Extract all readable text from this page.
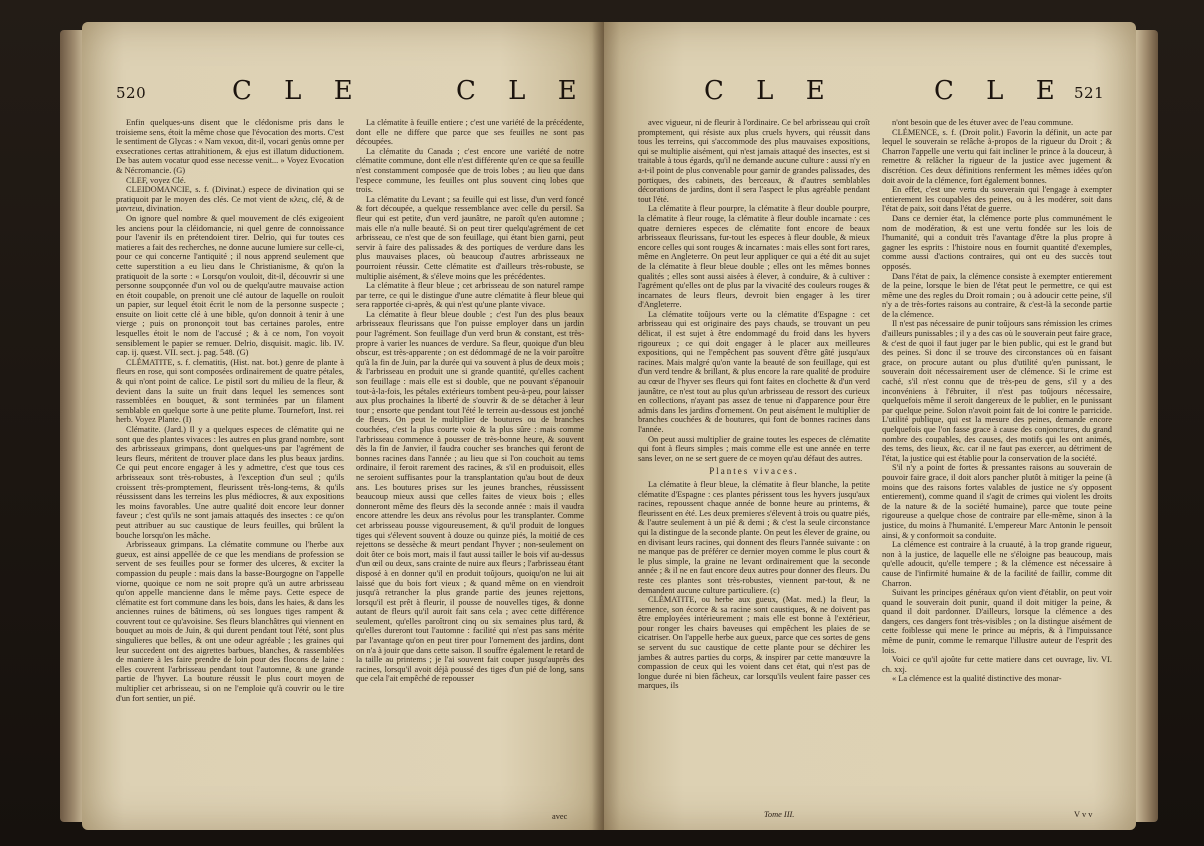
520	C L E	C L E

Enfin quelques-uns disent que le clédonisme pris dans le troisieme sens, étoit la même chose que l'évocation des morts. C'est le sentiment de Glycas : « Nam νεκυα, dit-il, vocari genùs omne per exsecrationes certas attrahitionem, & ejus est illatum diductionem. De bas autem vocatur quod esse necesse venit... » Voyez Evocation & Nécromancie. (G)

CLEF, voyez Clé.

CLEIDOMANCIE, s. f. (Divinat.) espece de divination qui se pratiquoit par le moyen des clés. Ce mot vient de κλεις, clé, & de μαντεια, divination.

On ignore quel nombre & quel mouvement de clés exigeoient les anciens pour la cléidomancie, ni quel genre de connoissance pour l'avenir ils en prétendoient tirer. Delrio, qui fur toutes ces matieres a fait des recherches, ne donne aucune lumiere sur celle-ci, pour ce qui concerne l'antiquité ; il nous apprend seulement que cette superstition a eu lieu dans le Christianisme, & qu'on la pratiquoit de la sorte : « Lorsqu'on vouloit, dit-il, découvrir si une personne soupçonnée d'un vol ou de quelqu'autre mauvaise action en étoit coupable, on prenoit une clé autour de laquelle on rouloit un papier, sur lequel étoit écrit le nom de la personne suspecte ; ensuite on lioit cette clé à une bible, qu'on donnoit à tenir à une vierge ; puis on prononçoit tout bas certaines paroles, entre lesquelles étoit le nom de l'accusé ; & à ce nom, l'on voyoit sensiblement le papier se remuer. Delrio, disquisit. magic. lib. IV. cap. ij. quæst. VII. sect. j. pag. 548. (G)

CLÉMATITE, s. f. clematitis, (Hist. nat. bot.) genre de plante à fleurs en rose, qui sont composées ordinairement de quatre pétales, & qui n'ont point de calice. Le pistil sort du milieu de la fleur, & devient dans la suite un fruit dans lequel les semences sont rassemblées en bouquet, & sont terminées par un filament semblable en quelque sorte à une petite plume. Tournefort, Inst. rei herb. Voyez Plante. (I)

Clématite. (Jard.) Il y a quelques especes de clématite qui ne sont que des plantes vivaces : les autres en plus grand nombre, sont des arbrisseaux grimpans, dont quelques-uns par l'agrément de leurs fleurs, méritent de trouver place dans les plus beaux jardins. Ce qui peut encore engager à les y admettre, c'est que tous ces arbrisseaux sont très-robustes, à l'exception d'un seul ; qu'ils croissent très-promptement, fleurissent très-long-tems, & qu'ils réussissent dans les terreins les plus médiocres, & aux expositions les moins favorables. Une autre qualité doit encore leur donner faveur ; c'est qu'ils ne sont jamais attaqués des insectes : ce qu'on peut attribuer au suc caustique de leurs feuilles, qui brûlent la bouche lorsqu'on les mâche.

Arbrisseaux grimpans. La clématite commune ou l'herbe aux gueux, est ainsi appellée de ce que les mendians de profession se servent de ses feuilles pour se former des ulceres, & exciter la compassion du peuple : mais dans la basse-Bourgogne on l'appelle viorne, quoique ce nom ne soit propre qu'à un autre arbrisseau qu'on appelle mancienne dans le même pays. Cette espece de clématite est fort commune dans les bois, dans les haies, & dans les anciennes ruines de bâtimens, où ses longues tiges rampent & couvrent tout ce qu'avoisine. Ses fleurs blanchâtres qui viennent en bouquet au mois de Juin, & qui durent pendant tout l'été, sont plus singulieres que belles, & ont une odeur agréable ; les graines qui leur succedent ont des aigrettes barbues, blanches, & rassemblées de maniere à les faire prendre de loin pour des flocons de laine : elles couvrent l'arbrisseau pendant tout l'automne, & une grande partie de l'hyver. La bouture réussit le plus court moyen de multiplier cet arbrisseau, si on ne l'emploie qu'à couvrir ou le tire d'un fort sentier, un pié.

La clématite à feuille entiere ; c'est une variété de la précédente, dont elle ne differe que parce que ses feuilles ne sont pas découpées.

La clématite du Canada ; c'est encore une variété de notre clématite commune, dont elle n'est différente qu'en ce que sa feuille n'est constamment composée que de trois lobes ; au lieu que dans l'espece commune, les feuilles ont plus souvent cinq lobes que trois.

La clématite du Levant ; sa feuille qui est lisse, d'un verd foncé & fort découpée, a quelque ressemblance avec celle du persil. Sa fleur qui est petite, d'un verd jaunâtre, ne paroît qu'en automne ; mais elle n'a nulle beauté. Si on peut tirer quelqu'agrément de cet arbrisseau, ce n'est que de son feuillage, qui étant bien garni, peut servir à faire des palissades & des portiques de verdure dans les plus mauvaises places, où beaucoup d'autres arbrisseaux ne pourroient réussir. Cette clématite est d'ailleurs très-robuste, se multiplie aisément, & s'éleve moins que les précédentes.

La clématite à fleur bleue ; cet arbrisseau de son naturel rampe par terre, ce qui le distingue d'une autre clématite à fleur bleue qui sera rapportée ci-après, & qui n'est qu'une plante vivace.

La clématite à fleur bleue double ; c'est l'un des plus beaux arbrisseaux fleurissans que l'on puisse employer dans un jardin pour l'agrément. Son feuillage d'un verd brun & constant, est très-propre à varier les nuances de verdure. Sa fleur, quoique d'un bleu obscur, est très-apparente ; on est dédommagé de ne la voir paroître qu'à la fin de Juin, par la durée qui va souvent à plus de deux mois ; & l'arbrisseau en produit une si grande quantité, qu'elles cachent son feuillage : mais elle est si double, que ne pouvant s'épanouir tout-à-la-fois, les pétales extérieurs tombent peu-à-peu, pour laisser aux plus prochaines la liberté de s'ouvrir & de se détacher à leur tour ; ensorte que pendant tout l'été le terrein au-dessous est jonché de fleurs. On peut le multiplier de boutures ou de branches couchées, c'est la plus courte voie & la plus sûre : mais comme l'arbrisseau commence à pousser de très-bonne heure, & souvent dès la fin de Janvier, il faudra coucher ses branches qui feront de bonnes racines dans l'année ; au lieu que si l'on couchoit au tems ordinaire, il feroit rarement des racines, & s'il en produisoit, elles ne seroient suffisantes pour la transplantation qu'au bout de deux ans. Les boutures prises sur les jeunes branches, réussissent beaucoup mieux aussi que celles faites de vieux bois ; elles donneront même des fleurs dès la seconde année : mais il vaudra encore attendre les deux ans révolus pour les transplanter. Comme cet arbrisseau pousse vigoureusement, & qu'il produit de longues tiges qui s'élevent souvent à douze ou quinze piés, la moitié de ces rejettons se dessèche & meurt pendant l'hyver ; non-seulement on doit ôter ce bois mort, mais il faut aussi tailler le bois vif au-dessus d'un œil ou deux, sans crainte de nuire aux fleurs ; l'arbrisseau étant disposé à en donner qu'il en produit toûjours, quoiqu'on ne lui ait laissé que du bois fort vieux ; & quand même on en viendroit jusqu'à retrancher la plus grande partie des jeunes rejettons, lorsqu'il est prêt à fleurir, il pousse de nouvelles tiges, & donne autant de fleurs qu'il auroit fait sans cela ; avec cette différence seulement, qu'elles paroîtront cinq ou six semaines plus tard, & qu'elles dureront tout l'automne : facilité qui n'est pas sans mérite par l'avantage qu'on en peut tirer pour l'ornement des jardins, dont on n'a à jouir que dans cette saison. Il souffre également le retard de la taille au printems ; je l'ai souvent fait couper jusqu'auprès des racines, lorsqu'il avoit déjà poussé des tiges d'un pié de long, sans que cela l'ait empêché de repousser

avec
C L E	C L E 521

avec vigueur, ni de fleurir à l'ordinaire. Ce bel arbrisseau qui croît promptement, qui résiste aux plus cruels hyvers, qui réussit dans tous les terreins, qui s'accommode des plus mauvaises expositions, qui se multiplie aisément, qui n'est jamais attaqué des insectes, est si traitable à tous égards, qu'il ne demande aucune culture : aussi n'y en a-t-il point de plus convenable pour garnir de grandes palissades, des portiques, des cabinets, des berceaux, & d'autres semblables décorations de jardins, dont il sera l'aspect le plus agréable pendant tout l'été.

La clématite à fleur pourpre, la clématite à fleur double pourpre, la clématite à fleur rouge, la clématite à fleur double incarnate : ces quatre dernieres especes de clématite font encore de beaux arbrisseaux fleurissans, fur-tout les especes à fleur double, & mieux encore celles qui sont rouges & incarnates : mais elles sont fort rares, même en Angleterre. On peut leur appliquer ce qui a été dit au sujet de la clématite à fleur bleue double ; elles ont les mêmes bonnes qualités ; elles sont aussi aisées à élever, à conduire, & à cultiver : l'agrément qu'elles ont de plus par la vivacité des couleurs rouges & incarnates de leurs fleurs, devroit bien engager à les tirer d'Angleterre.

La clématite toûjours verte ou la clématite d'Espagne : cet arbrisseau qui est originaire des pays chauds, se trouvant un peu délicat, il est sujet à être endommagé du froid dans les hyvers rigoureux ; ce qui doit engager à le placer aux meilleures expositions, qui ne l'empêchent pas souvent d'être gâté jusqu'aux racines. Mais malgré qu'on vante la beauté de son feuillage, qui est d'un verd tendre & brillant, & plus encore la rare qualité de produire au cœur de l'hyver ses fleurs qui font faites en clochette & d'un verd jaunâtre, ce n'est tout au plus qu'un arbrisseau de ressort des curieux en collections, n'ayant pas assez de tenue ni d'apparence pour être admis dans les jardins d'ornement. On peut aisément le multiplier de branches couchées & de boutures, qui font de bonnes racines dans l'année.

On peut aussi multiplier de graine toutes les especes de clématite qui font à fleurs simples ; mais comme elle est une année en terre sans lever, on ne se sert guere de ce moyen qu'au défaut des autres.

Plantes vivaces.

La clématite à fleur bleue, la clématite à fleur blanche, la petite clématite d'Espagne : ces plantes périssent tous les hyvers jusqu'aux racines, repoussent chaque année de bonne heure au printems, & fleurissent en été. Les deux premieres s'élevent à trois ou quatre piés, & l'autre seulement à un pié & demi ; & c'est la seule circonstance qui la distingue de la seconde plante. On peut les élever de graine, ou en divisant leurs racines, qui donnent des fleurs l'année suivante : on ne manque pas de préférer ce dernier moyen comme le plus court & le plus simple, la graine ne levant ordinairement que la seconde année ; & il ne en faut encore deux autres pour donner des fleurs. Du reste ces plantes sont très-robustes, viennent par-tout, & ne demandent aucune culture particuliere. (c)

CLÉMATITE, ou herbe aux gueux, (Mat. med.) la fleur, la semence, son écorce & sa racine sont caustiques, & ne doivent pas être employées intérieurement ; mais elle est bonne à l'extérieur, pour ronger les chairs baveuses qui empêchent les plaies de se cicatriser. On l'appelle herbe aux gueux, parce que ces sortes de gens se servent du suc caustique de cette plante pour se déchirer les jambes & autres parties du corps, & inspirer par cette manœuvre la compassion de ceux qui les voient dans cet état, qui n'est pas de longue durée ni bien fâcheux, car lorsqu'ils veulent faire passer ces marques, ils

n'ont besoin que de les étuver avec de l'eau commune.

CLÉMENCE, s. f. (Droit polit.) Favorin la définit, un acte par lequel le souverain se relâche à-propos de la rigueur du Droit ; & Charron l'appelle une vertu qui fait incliner le prince à la douceur, à remettre & relâcher la rigueur de la justice avec jugement & discrétion. Ces deux définitions renferment les mêmes idées qu'on doit avoir de la clémence, fort également bonnes.

En effet, c'est une vertu du souverain qui l'engage à exempter entierement les coupables des peines, ou à les modérer, soit dans l'état de paix, soit dans l'état de guerre.

Dans ce dernier état, la clémence porte plus communément le nom de modération, & est une vertu fondée sur les lois de l'humanité, qui a conduit très l'avantage d'être la plus propre à gagner les esprits : l'histoire nous en fournit quantité d'exemples, comme aussi d'actions contraires, qui ont eu des succès tout opposés.

Dans l'état de paix, la clémence consiste à exempter entierement de la peine, lorsque le bien de l'état peut le permettre, ce qui est même une des regles du Droit romain ; ou à adoucir cette peine, s'il n'y a de très-fortes raisons au contraire, & c'est-là la seconde partie de la clémence.

Il n'est pas nécessaire de punir toûjours sans rémission les crimes d'ailleurs punissables ; il y a des cas où le souverain peut faire grace, & c'est de quoi il faut juger par le bien public, qui est le grand but des peines. Si donc il se trouve des circonstances où en faisant grace, on procure autant ou plus d'utilité qu'en punissant, le souverain doit nécessairement user de clémence. Si le crime est caché, s'il n'est connu que de très-peu de gens, s'il y a des inconvéniens à l'ébruiter, il n'est pas toûjours nécessaire, quelquefois même il seroit dangereux de le publier, en le punissant par quelque peine. Solon n'avoit point fait de loi contre le parricide. L'utilité publique, qui est la mesure des peines, demande encore quelquefois que l'on fasse grace à cause des conjonctures, du grand nombre des coupables, des causes, des motifs qui les ont animés, des tems, des lieux, &c. car il ne faut pas exercer, au détriment de l'état, la justice qui est établie pour la conservation de la société.

S'il n'y a point de fortes & pressantes raisons au souverain de pouvoir faire grace, il doit alors pancher plutôt à mitiger la peine (à moins que des raisons fortes valables de justice ne s'y opposent entierement), comme quand il s'agit de crimes qui violent les droits de la nature & de la société humaine), parce que toute peine rigoureuse a quelque chose de contraire par elle-même, sinon à la justice, du moins à l'humanité. L'empereur Marc Antonin le pensoit ainsi, & y conformoit sa conduite.

La clémence est contraire à la cruauté, à la trop grande rigueur, non à la justice, de laquelle elle ne s'éloigne pas beaucoup, mais qu'elle adoucit, qu'elle tempere ; & la clémence est nécessaire à cause de l'infirmité humaine & de la facilité de faillir, comme dit Charron.

Suivant les principes généraux qu'on vient d'établir, on peut voir quand le souverain doit punir, quand il doit mitiger la peine, & quand il doit pardonner. D'ailleurs, lorsque la clémence a des dangers, ces dangers font très-visibles ; on la distingue aisément de cette foiblesse qui mene le prince au mépris, & à l'impuissance même de punir, comme le remarque l'illustre auteur de l'esprit des lois.

Voici ce qu'il ajoûte fur cette matiere dans cet ouvrage, liv. VI. ch. xxj.

« La clémence est la qualité distinctive des monar-

Tome III.	V v v
